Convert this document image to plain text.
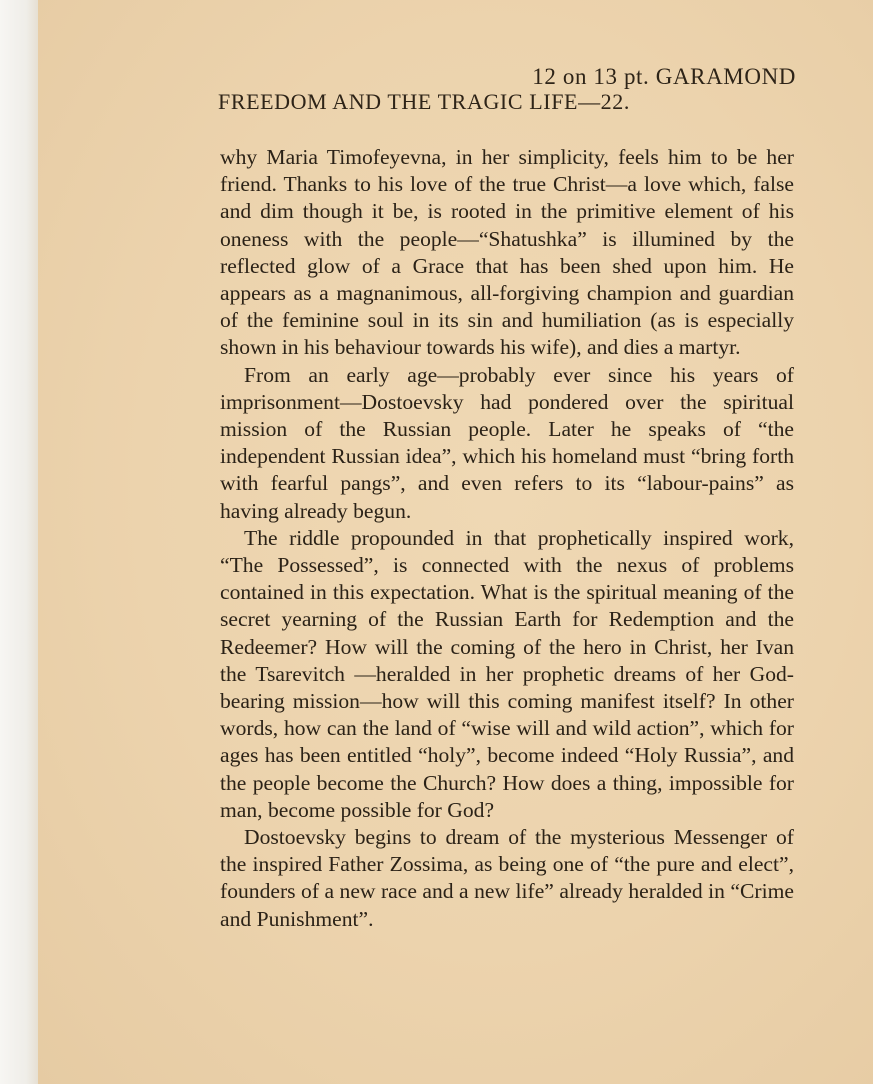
12 on 13 pt. GARAMOND
FREEDOM AND THE TRAGIC LIFE—22.

why Maria Timofeyevna, in her simplicity, feels him to be her friend. Thanks to his love of the true Christ—a love which, false and dim though it be, is rooted in the primitive element of his oneness with the people—“Shatushka” is illumined by the reflected glow of a Grace that has been shed upon him. He appears as a magnanimous, all-forgiving champion and guardian of the feminine soul in its sin and humiliation (as is especially shown in his behaviour towards his wife), and dies a martyr.

From an early age—probably ever since his years of imprisonment—Dostoevsky had pondered over the spiritual mission of the Russian people. Later he speaks of “the independent Russian idea”, which his homeland must “bring forth with fearful pangs”, and even refers to its “labour-pains” as having already begun.

The riddle propounded in that prophetically inspired work, “The Possessed”, is connected with the nexus of problems contained in this expectation. What is the spiritual meaning of the secret yearning of the Russian Earth for Redemption and the Redeemer? How will the coming of the hero in Christ, her Ivan the Tsarevitch —heralded in her prophetic dreams of her God-bearing mission—how will this coming manifest itself? In other words, how can the land of “wise will and wild action”, which for ages has been entitled “holy”, become indeed “Holy Russia”, and the people become the Church? How does a thing, impossible for man, become possible for God?

Dostoevsky begins to dream of the mysterious Messenger of the inspired Father Zossima, as being one of “the pure and elect”, founders of a new race and a new life” already heralded in “Crime and Punishment”.
